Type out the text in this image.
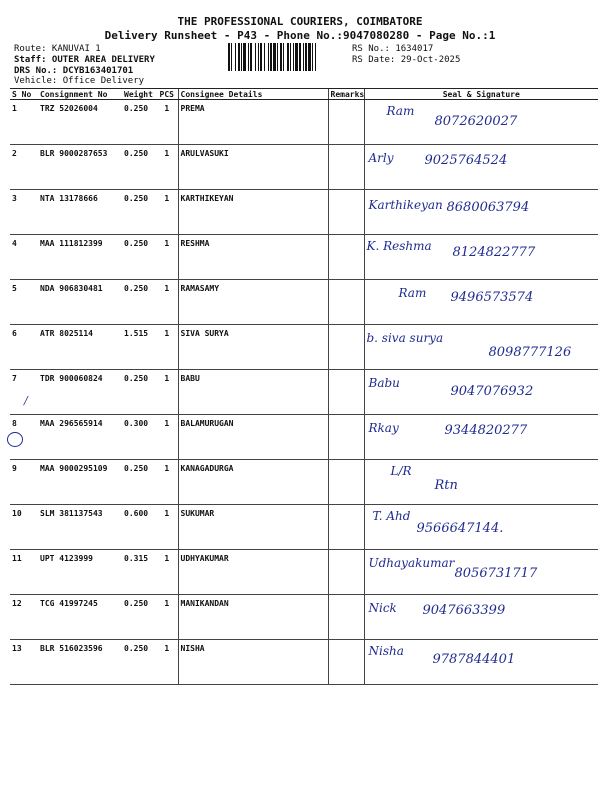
THE PROFESSIONAL COURIERS, COIMBATORE
Delivery Runsheet - P43 - Phone No.:9047080280 - Page No.:1
Route: KANUVAI 1
Staff: OUTER AREA DELIVERY
DRS No.: DCYB163401701
Vehicle: Office Delivery
RS No.: 1634017
RS Date: 29-Oct-2025
S No	Consignment No	Weight	PCS	Consignee Details	Remarks	Seal & Signature
1	TRZ 52026004	0.250	1	PREMA		Ram
8072620027

2	BLR 9000287653	0.250	1	ARULVASUKI		Arly 9025764524

3	NTA 13178666	0.250	1	KARTHIKEYAN		Karthikeyan 8680063794

4	MAA 111812399	0.250	1	RESHMA		K. Reshma 8124822777

5	NDA 906830481	0.250	1	RAMASAMY		Ram 9496573574

6	ATR 8025114	1.515	1	SIVA SURYA		b. siva surya
8098777126

7	TDR 900060824	0.250	1	BABU		Babu
9047076932

8	MAA 296565914	0.300	1	BALAMURUGAN		Rkay 9344820277

9	MAA 9000295109	0.250	1	KANAGADURGA		L/R
Rtn

10	SLM 381137543	0.600	1	SUKUMAR		T. Ahd
9566647144.

11	UPT 4123999	0.315	1	UDHYAKUMAR		Udhayakumar
8056731717

12	TCG 41997245	0.250	1	MANIKANDAN		Nick 9047663399

13	BLR 516023596	0.250	1	NISHA		Nisha
9787844401
/
